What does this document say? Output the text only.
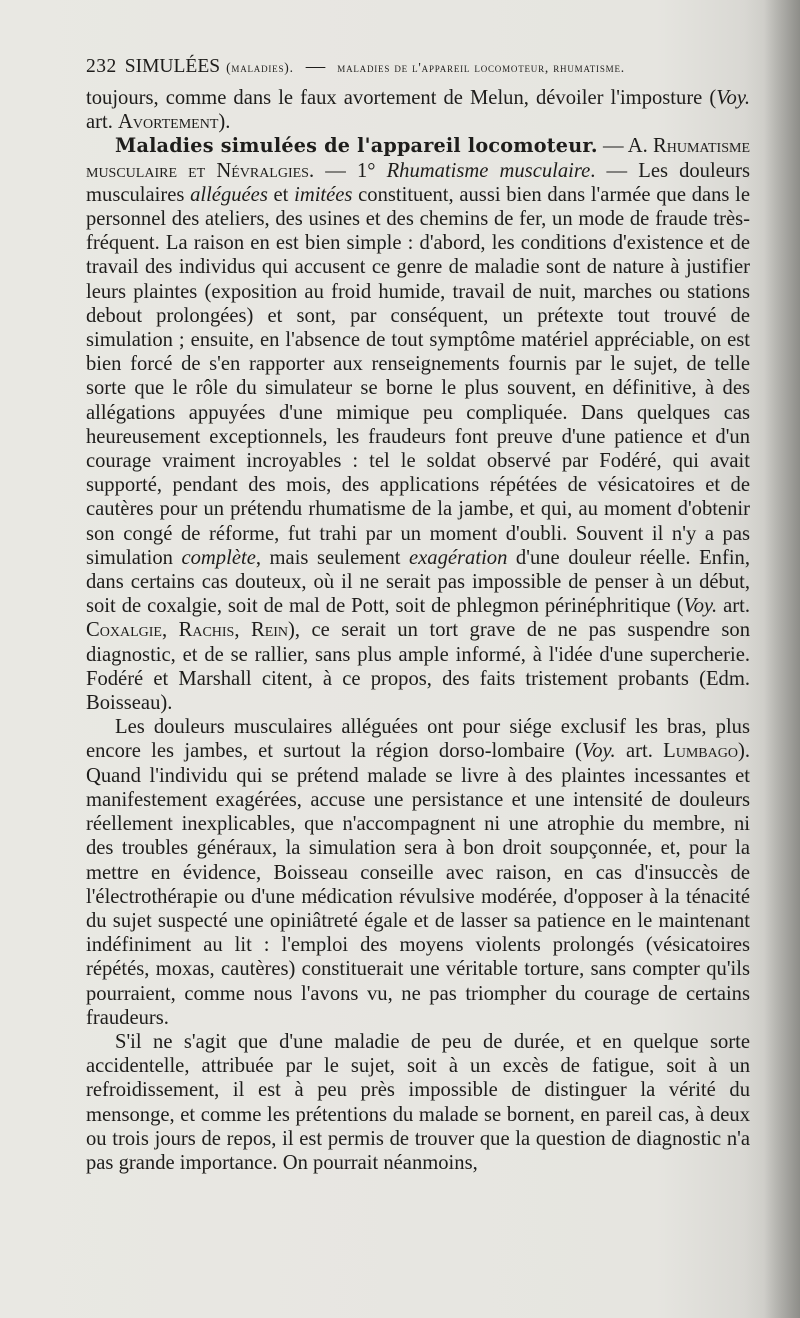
232 SIMULÉES (maladies). — maladies de l'appareil locomoteur, rhumatisme.

toujours, comme dans le faux avortement de Melun, dévoiler l'imposture (Voy. art. Avortement).

Maladies simulées de l'appareil locomoteur. — A. Rhumatisme musculaire et Névralgies. — 1° Rhumatisme musculaire. — Les douleurs musculaires alléguées et imitées constituent, aussi bien dans l'armée que dans le personnel des ateliers, des usines et des chemins de fer, un mode de fraude très-fréquent. La raison en est bien simple : d'abord, les conditions d'existence et de travail des individus qui accusent ce genre de maladie sont de nature à justifier leurs plaintes (exposition au froid humide, travail de nuit, marches ou stations debout prolongées) et sont, par conséquent, un prétexte tout trouvé de simulation ; ensuite, en l'absence de tout symptôme matériel appréciable, on est bien forcé de s'en rapporter aux renseignements fournis par le sujet, de telle sorte que le rôle du simulateur se borne le plus souvent, en définitive, à des allégations appuyées d'une mimique peu compliquée. Dans quelques cas heureusement exceptionnels, les fraudeurs font preuve d'une patience et d'un courage vraiment incroyables : tel le soldat observé par Fodéré, qui avait supporté, pendant des mois, des applications répétées de vésicatoires et de cautères pour un prétendu rhumatisme de la jambe, et qui, au moment d'obtenir son congé de réforme, fut trahi par un moment d'oubli. Souvent il n'y a pas simulation complète, mais seulement exagération d'une douleur réelle. Enfin, dans certains cas douteux, où il ne serait pas impossible de penser à un début, soit de coxalgie, soit de mal de Pott, soit de phlegmon périnéphritique (Voy. art. Coxalgie, Rachis, Rein), ce serait un tort grave de ne pas suspendre son diagnostic, et de se rallier, sans plus ample informé, à l'idée d'une supercherie. Fodéré et Marshall citent, à ce propos, des faits tristement probants (Edm. Boisseau).

Les douleurs musculaires alléguées ont pour siége exclusif les bras, plus encore les jambes, et surtout la région dorso-lombaire (Voy. art. Lumbago). Quand l'individu qui se prétend malade se livre à des plaintes incessantes et manifestement exagérées, accuse une persistance et une intensité de douleurs réellement inexplicables, que n'accompagnent ni une atrophie du membre, ni des troubles généraux, la simulation sera à bon droit soupçonnée, et, pour la mettre en évidence, Boisseau conseille avec raison, en cas d'insuccès de l'électrothérapie ou d'une médication révulsive modérée, d'opposer à la ténacité du sujet suspecté une opiniâtreté égale et de lasser sa patience en le maintenant indéfiniment au lit : l'emploi des moyens violents prolongés (vésicatoires répétés, moxas, cautères) constituerait une véritable torture, sans compter qu'ils pourraient, comme nous l'avons vu, ne pas triompher du courage de certains fraudeurs.

S'il ne s'agit que d'une maladie de peu de durée, et en quelque sorte accidentelle, attribuée par le sujet, soit à un excès de fatigue, soit à un refroidissement, il est à peu près impossible de distinguer la vérité du mensonge, et comme les prétentions du malade se bornent, en pareil cas, à deux ou trois jours de repos, il est permis de trouver que la question de diagnostic n'a pas grande importance. On pourrait néanmoins,
